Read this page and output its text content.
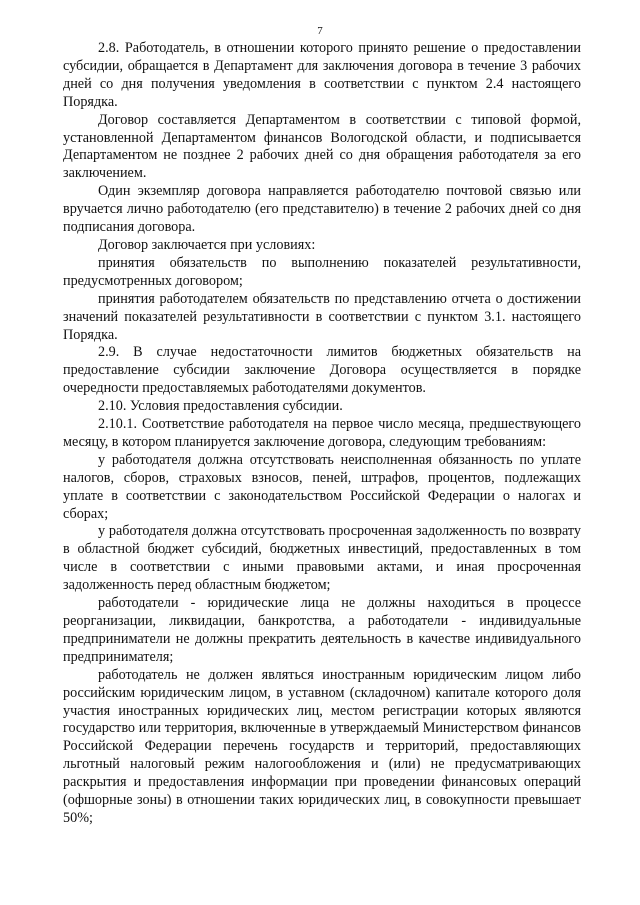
7

2.8. Работодатель, в отношении которого принято решение о предоставлении субсидии, обращается в Департамент для заключения договора в течение 3 рабочих дней со дня получения уведомления в соответствии с пунктом 2.4 настоящего Порядка.

Договор составляется Департаментом в соответствии с типовой формой, установленной Департаментом финансов Вологодской области, и подписывается Департаментом не позднее 2 рабочих дней со дня обращения работодателя за его заключением.

Один экземпляр договора направляется работодателю почтовой связью или вручается лично работодателю (его представителю) в течение 2 рабочих дней со дня подписания договора.

Договор заключается при условиях:

принятия обязательств по выполнению показателей результативности, предусмотренных договором;

принятия работодателем обязательств по представлению отчета о достижении значений показателей результативности в соответствии с пунктом 3.1. настоящего Порядка.

2.9. В случае недостаточности лимитов бюджетных обязательств на предоставление субсидии заключение Договора осуществляется в порядке очередности предоставляемых работодателями документов.

2.10. Условия предоставления субсидии.

2.10.1. Соответствие работодателя на первое число месяца, предшествующего месяцу, в котором планируется заключение договора, следующим требованиям:

у работодателя должна отсутствовать неисполненная обязанность по уплате налогов, сборов, страховых взносов, пеней, штрафов, процентов, подлежащих уплате в соответствии с законодательством Российской Федерации о налогах и сборах;

у работодателя должна отсутствовать просроченная задолженность по возврату в областной бюджет субсидий, бюджетных инвестиций, предоставленных в том числе в соответствии с иными правовыми актами, и иная просроченная задолженность перед областным бюджетом;

работодатели - юридические лица не должны находиться в процессе реорганизации, ликвидации, банкротства, а работодатели - индивидуальные предприниматели не должны прекратить деятельность в качестве индивидуального предпринимателя;

работодатель не должен являться иностранным юридическим лицом либо российским юридическим лицом, в уставном (складочном) капитале которого доля участия иностранных юридических лиц, местом регистрации которых являются государство или территория, включенные в утверждаемый Министерством финансов Российской Федерации перечень государств и территорий, предоставляющих льготный налоговый режим налогообложения и (или) не предусматривающих раскрытия и предоставления информации при проведении финансовых операций (офшорные зоны) в отношении таких юридических лиц, в совокупности превышает 50%;
